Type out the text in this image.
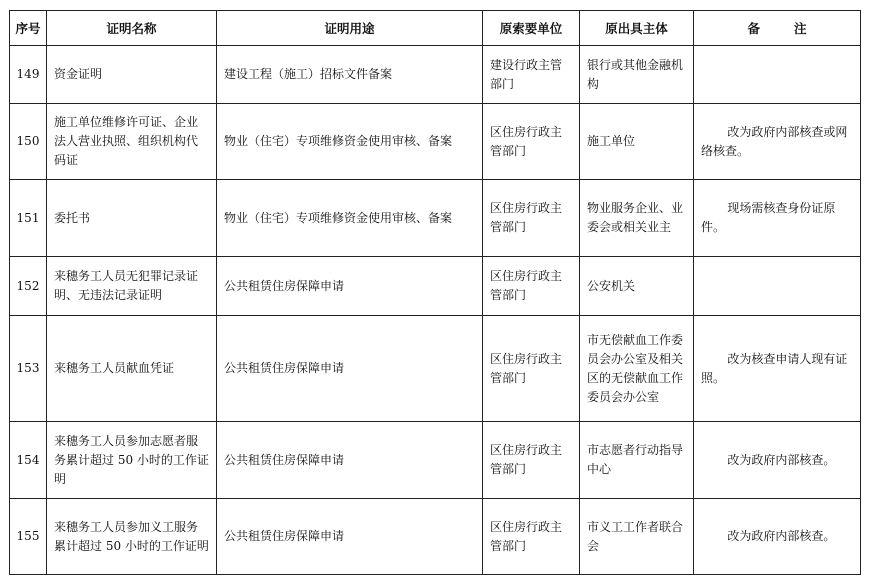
序号	证明名称	证明用途	原索要单位	原出具主体	备 注
149	资金证明	建设工程（施工）招标文件备案	建设行政主管部门	银行或其他金融机构	
150	施工单位维修许可证、企业法人营业执照、组织机构代码证	物业（住宅）专项维修资金使用审核、备案	区住房行政主管部门	施工单位	改为政府内部核查或网络核查。
151	委托书	物业（住宅）专项维修资金使用审核、备案	区住房行政主管部门	物业服务企业、业委会或相关业主	现场需核查身份证原件。
152	来穗务工人员无犯罪记录证明、无违法记录证明	公共租赁住房保障申请	区住房行政主管部门	公安机关	
153	来穗务工人员献血凭证	公共租赁住房保障申请	区住房行政主管部门	市无偿献血工作委员会办公室及相关区的无偿献血工作委员会办公室	改为核查申请人现有证照。
154	来穗务工人员参加志愿者服务累计超过 50 小时的工作证明	公共租赁住房保障申请	区住房行政主管部门	市志愿者行动指导中心	改为政府内部核查。
155	来穗务工人员参加义工服务累计超过 50 小时的工作证明	公共租赁住房保障申请	区住房行政主管部门	市义工工作者联合会	改为政府内部核查。
